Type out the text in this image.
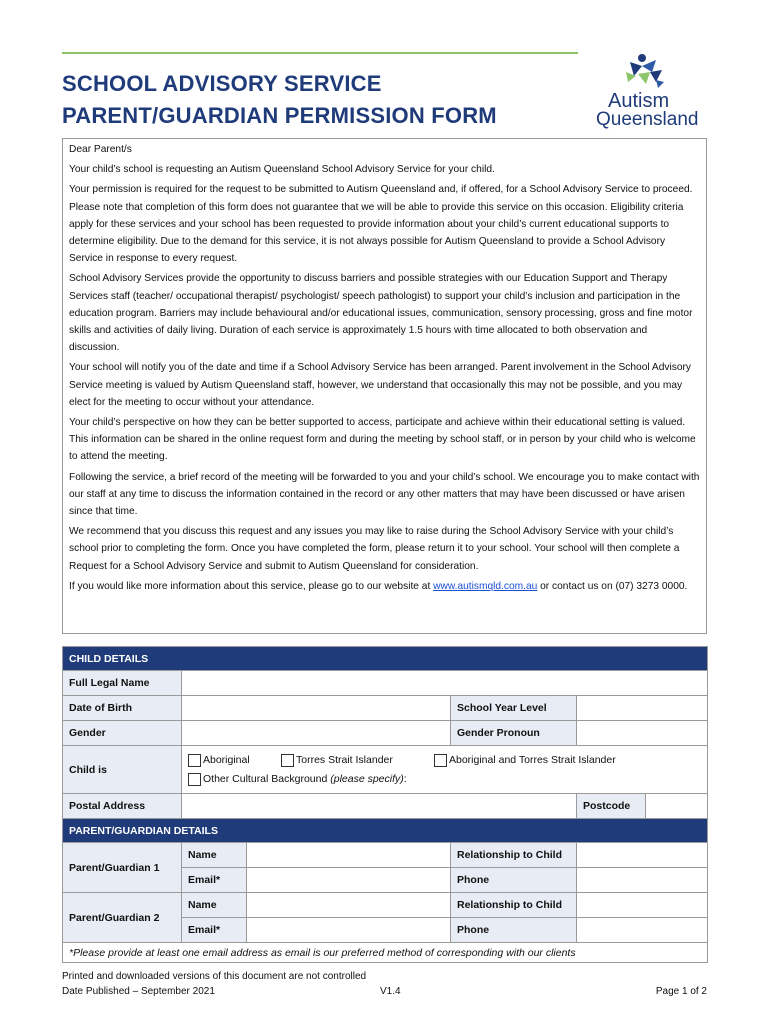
SCHOOL ADVISORY SERVICE
PARENT/GUARDIAN PERMISSION FORM
Autism
Queensland

Dear Parent/s

Your child’s school is requesting an Autism Queensland School Advisory Service for your child.

Your permission is required for the request to be submitted to Autism Queensland and, if offered, for a School Advisory Service to proceed. Please note that completion of this form does not guarantee that we will be able to provide this service on this occasion. Eligibility criteria apply for these services and your school has been requested to provide information about your child’s current educational supports to determine eligibility. Due to the demand for this service, it is not always possible for Autism Queensland to provide a School Advisory Service in response to every request.

School Advisory Services provide the opportunity to discuss barriers and possible strategies with our Education Support and Therapy Services staff (teacher/ occupational therapist/ psychologist/ speech pathologist) to support your child’s inclusion and participation in the education program. Barriers may include behavioural and/or educational issues, communication, sensory processing, gross and fine motor skills and activities of daily living. Duration of each service is approximately 1.5 hours with time allocated to both observation and discussion.

Your school will notify you of the date and time if a School Advisory Service has been arranged. Parent involvement in the School Advisory Service meeting is valued by Autism Queensland staff, however, we understand that occasionally this may not be possible, and you may elect for the meeting to occur without your attendance.

Your child’s perspective on how they can be better supported to access, participate and achieve within their educational setting is valued. This information can be shared in the online request form and during the meeting by school staff, or in person by your child who is welcome to attend the meeting.

Following the service, a brief record of the meeting will be forwarded to you and your child’s school. We encourage you to make contact with our staff at any time to discuss the information contained in the record or any other matters that may have been discussed or have arisen since that time.

We recommend that you discuss this request and any issues you may like to raise during the School Advisory Service with your child’s school prior to completing the form. Once you have completed the form, please return it to your school. Your school will then complete a Request for a School Advisory Service and submit to Autism Queensland for consideration.

If you would like more information about this service, please go to our website at www.autismqld.com.au or contact us on (07) 3273 0000.

CHILD DETAILS					
Full Legal Name					
Date of Birth			School Year Level		
Gender			Gender Pronoun		
Child is	Aboriginal Torres Strait Islander Aboriginal and Torres Strait Islander
Other Cultural Background (please specify):				

Postal Address				Postcode	
PARENT/GUARDIAN DETAILS					
Parent/Guardian 1	Name		Relationship to Child		
	Email*		Phone		
Parent/Guardian 2	Name		Relationship to Child		
	Email*		Phone		
*Please provide at least one email address as email is our preferred method of corresponding with our clients					
Printed and downloaded versions of this document are not controlled
Date Published – September 2021	V1.4	Page 1 of 2
